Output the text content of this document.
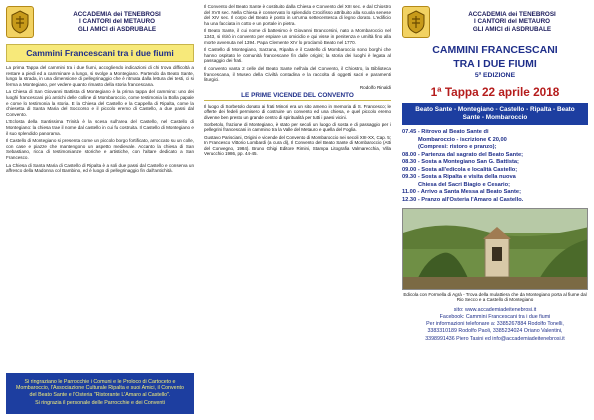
ACCADEMIA dei TENEBROSI
I CANTORI del METAURO
GLI AMICI di ASDRUBALE
Cammini Francescani tra i due fiumi

La prima Tappa del cammini tra i due fiumi, accogliendo indicazioni di chi trova difficoltà a restare a piedi ed a camminare a lungo, si svolge a Montegiano. Partendo da Beato Sante, lungo la strada, in una dimensione di pellegrinaggio che è ritmata dalla lettura dei testi, ci si ferma a Montegiano, per vedere quanto rimasto della storia francescana.

La Chiesa di San Giovanni Battista di Montegiano è la prima tappa del cammino: uno dei luoghi francescani più antichi delle colline di Mombaroccio, come testimonia la Bolla papale e come lo testimonia la storia. E la Chiesa del Castello e la Cappella di Ripalta, come la chiesetta di Santa Maria del Soccorso e il piccolo eremo di Castello, a due passi dal Convento.

L'Eclosta della Santissima Trinità è la scesa sull'area del Castello, nel Castello di Montegiano: la chiesa trae il nome dal castello in cui fu costruita. Il Castello di Montegiano e il suo splendido panorama.

Il Castello di Montegiano si presenta come un piccolo borgo fortificato, arroccato su un colle, con case e piazze che mantengono un aspetto medievale. Accanto la chiesa di San Sebastiano, ricca di testimonianze storiche e artistiche, con l'altare dedicato a San Francesco.

La Chiesa di Santa Maria di Castello di Ripalta è a soli due passi dal Castello e conserva un affresco della Madonna col Bambino, ed è luogo di pellegrinaggio fin dall'antichità.

Si ringraziano le Parrocchie i Comuni e le Proloco di Cartoceto e Mombaroccio, l'Associazione Culturale Ripalta e suoi Amici, il Convento del Beato Sante e l'Osteria "Ristorante L'Amaro al Castello".

Si ringrazia il personale delle Parrocchie e dei Conventi

Il Convento del Beato Sante è costituito dalla Chiesa e Convento del XIII sec. e dal Chiostro del XVII sec. Nella Chiesa è conservato lo splendido Crocifisso attribuito alla scuola senese del XIV sec. Il corpo del Beato è posto in un'urna settecentesca di legno dorato. L'edificio ha una facciata in cotto e un portale in pietra.

Il Beato Sante, il cui nome di battesimo è Giovanni Brancorsini, nato a Mombaroccio nel 1343, si ritirò in convento per espiare un omicidio e qui visse in penitenza e umiltà fino alla morte avvenuta nel 1394. Papa Clemente XIV lo proclamò Beato nel 1770.

Il Castello di Montegiano, Sarzana, Ripalta e il Castello di Mombaroccio sono borghi che hanno ospitato le comunità francescane fin dalle origini; la storia dei luoghi è legata al passaggio dei frati.

Il convento vanta 2 celle del Beato Sante nell'ala del Convento, il Chiostro, la Biblioteca francescana, il Museo della Civiltà contadina e la raccolta di oggetti sacri e paramenti liturgici.

Rodolfo Rinaldi
LE PRIME VICENDE DEL CONVENTO

Il luogo di Sorbetolo donato ai frati Minori era un sito ameno in memoria di S. Francesco; le offerte dei fedeli permisero di costruire un convento ed una chiesa, e quel piccolo eremo divenne ben presto un grande centro di spiritualità per tutti i paesi vicini.

Sorbetolo, frazione di Montegiano, è stato per secoli un luogo di sosta e di passaggio per i pellegrini francescani in cammino tra la Valle del Metauro e quella del Foglia.

Gustavo Parisciani, Origini e vicende del Convento di Mombaroccio nei secoli XIII-XX, Cap. 5; In Francesco Vittorio Lombardi (a cura di), Il Convento del Beato Sante di Mombaroccio (Atti del Convegno, 1984). Bruno Ghigi Editore Rimini, Stampa Litografia Valmarecchia, Villa Verucchio 1986, pp. 44-45.

ACCADEMIA dei TENEBROSI
I CANTORI del METAURO
GLI AMICI di ASDRUBALE
CAMMINI FRANCESCANI
TRA I DUE FIUMI
5ª EDIZIONE
1ª Tappa 22 aprile 2018
Beato Sante - Montegiano - Castello - Ripalta - Beato Sante - Mombaroccio
07.45 - Ritrovo al Beato Sante di
Mombaroccio - iscrizione € 20,00
(Compresi: ristoro e pranzo);
08.00 - Partenza dal sagrato del Beato Sante;
08.30 - Sosta a Montegiano San G. Battista;
09.00 - Sosta all'edicola e località Castello;
09.30 - Sosta a Ripalta e visita della nuova
Chiesa del Sacri Biagio e Cesario;
11.00 - Arrivo a Santa Messa al Beato Sante;
12.30 - Pranzo all'Osteria l'Amaro al Castello.
Edicola con Formella di Agrà - Trova della mulattiera che da Montegiano porta al fiume dal Rio Secco e a Castello di Montegiano
sito: www.accademiadeitenebrosi.it
Facebook: Cammini Francescani tra i due fiumi
Per informazioni telefonare a: 3385267884 Rodolfo Tonelli,
3383310189 Rodolfo Paoli, 3385234024 Oriano Valentini,
3398991436 Piero Tasini ed info@accademiadeitenebrosi.it
